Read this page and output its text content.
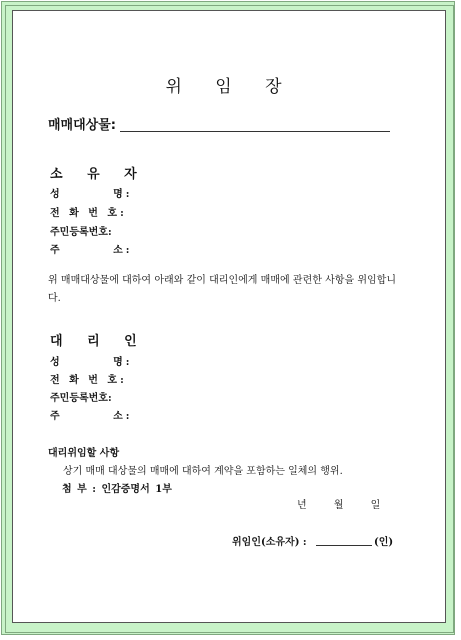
위 임 장
매매대상물:
소 유 자
성 명:
전 화 번 호:
주민등록번호:
주 소:
위 매매대상물에 대하여 아래와 같이 대리인에게 매매에 관련한 사항을 위임합니다.
대 리 인
성 명:
전 화 번 호:
주민등록번호:
주 소:
대리위임할 사항
상기 매매 대상물의 매매에 대하여 계약을 포함하는 일체의 행위.
첨 부 : 인감증명서 1부
년 월 일
위임인(소유자) :	(인)
